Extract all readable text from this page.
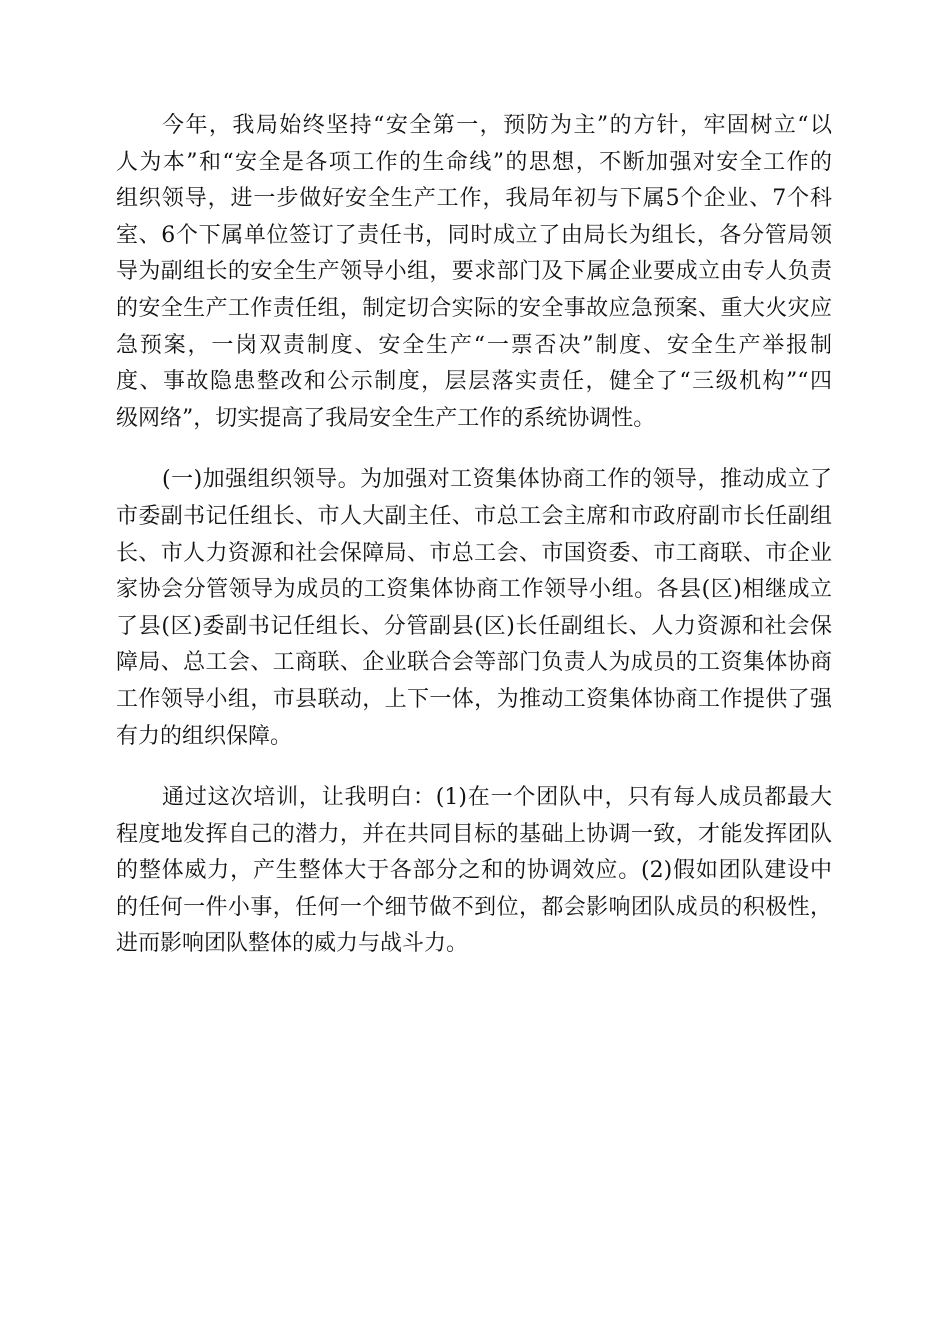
今年，我局始终坚持“安全第一，预防为主”的方针，牢固树立“以
人为本”和“安全是各项工作的生命线”的思想，不断加强对安全工作的
组织领导，进一步做好安全生产工作，我局年初与下属5个企业、7个科
室、6个下属单位签订了责任书，同时成立了由局长为组长，各分管局领
导为副组长的安全生产领导小组，要求部门及下属企业要成立由专人负责
的安全生产工作责任组，制定切合实际的安全事故应急预案、重大火灾应
急预案，一岗双责制度、安全生产“一票否决”制度、安全生产举报制
度、事故隐患整改和公示制度，层层落实责任，健全了“三级机构”“四
级网络”，切实提高了我局安全生产工作的系统协调性。
(一)加强组织领导。为加强对工资集体协商工作的领导，推动成立了
市委副书记任组长、市人大副主任、市总工会主席和市政府副市长任副组
长、市人力资源和社会保障局、市总工会、市国资委、市工商联、市企业
家协会分管领导为成员的工资集体协商工作领导小组。各县(区)相继成立
了县(区)委副书记任组长、分管副县(区)长任副组长、人力资源和社会保
障局、总工会、工商联、企业联合会等部门负责人为成员的工资集体协商
工作领导小组，市县联动，上下一体，为推动工资集体协商工作提供了强
有力的组织保障。
通过这次培训，让我明白：(1)在一个团队中，只有每人成员都最大
程度地发挥自己的潜力，并在共同目标的基础上协调一致，才能发挥团队
的整体威力，产生整体大于各部分之和的协调效应。(2)假如团队建设中
的任何一件小事，任何一个细节做不到位，都会影响团队成员的积极性，
进而影响团队整体的威力与战斗力。
